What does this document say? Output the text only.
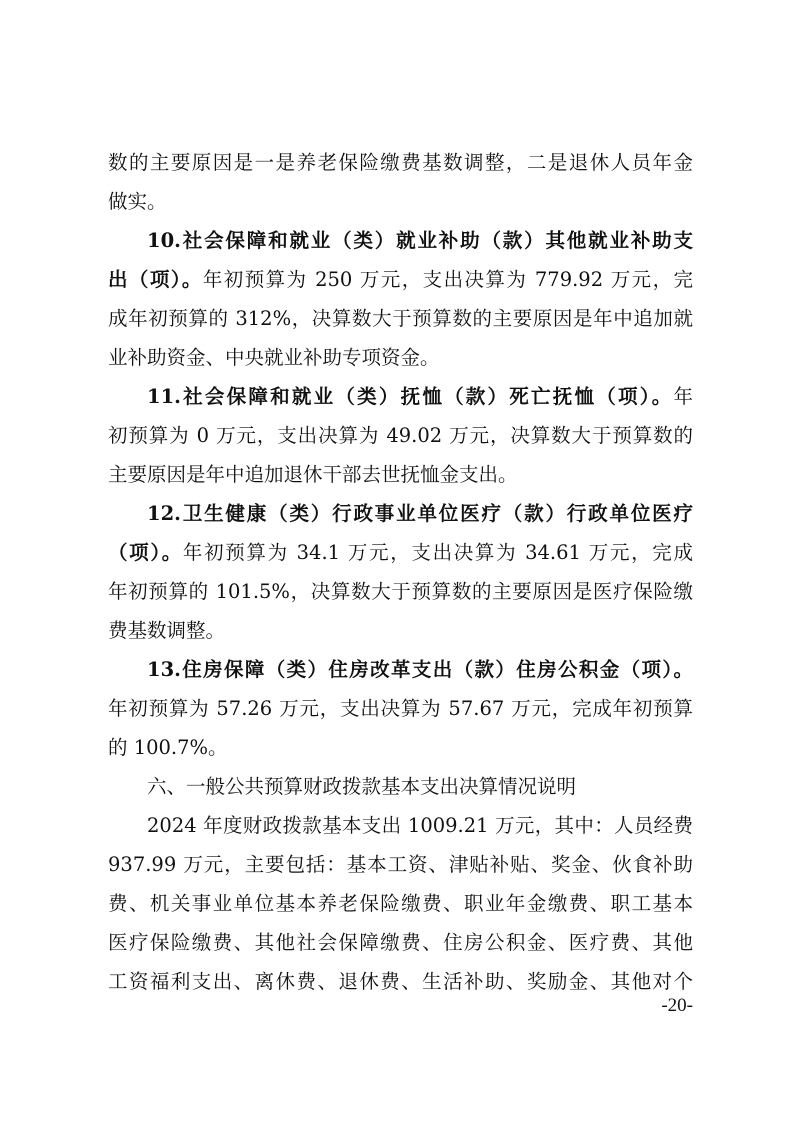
数的主要原因是一是养老保险缴费基数调整，二是退休人员年金
做实。
10.社会保障和就业（类）就业补助（款）其他就业补助支
出（项）。年初预算为 250 万元，支出决算为 779.92 万元，完
成年初预算的 312%，决算数大于预算数的主要原因是年中追加就
业补助资金、中央就业补助专项资金。
11.社会保障和就业（类）抚恤（款）死亡抚恤（项）。年
初预算为 0 万元，支出决算为 49.02 万元，决算数大于预算数的
主要原因是年中追加退休干部去世抚恤金支出。
12.卫生健康（类）行政事业单位医疗（款）行政单位医疗
（项）。年初预算为 34.1 万元，支出决算为 34.61 万元，完成
年初预算的 101.5%，决算数大于预算数的主要原因是医疗保险缴
费基数调整。
13.住房保障（类）住房改革支出（款）住房公积金（项）。
年初预算为 57.26 万元，支出决算为 57.67 万元，完成年初预算
的 100.7%。
六、一般公共预算财政拨款基本支出决算情况说明
2024 年度财政拨款基本支出 1009.21 万元，其中：人员经费
937.99 万元，主要包括：基本工资、津贴补贴、奖金、伙食补助
费、机关事业单位基本养老保险缴费、职业年金缴费、职工基本
医疗保险缴费、其他社会保障缴费、住房公积金、医疗费、其他
工资福利支出、离休费、退休费、生活补助、奖励金、其他对个
-20-
